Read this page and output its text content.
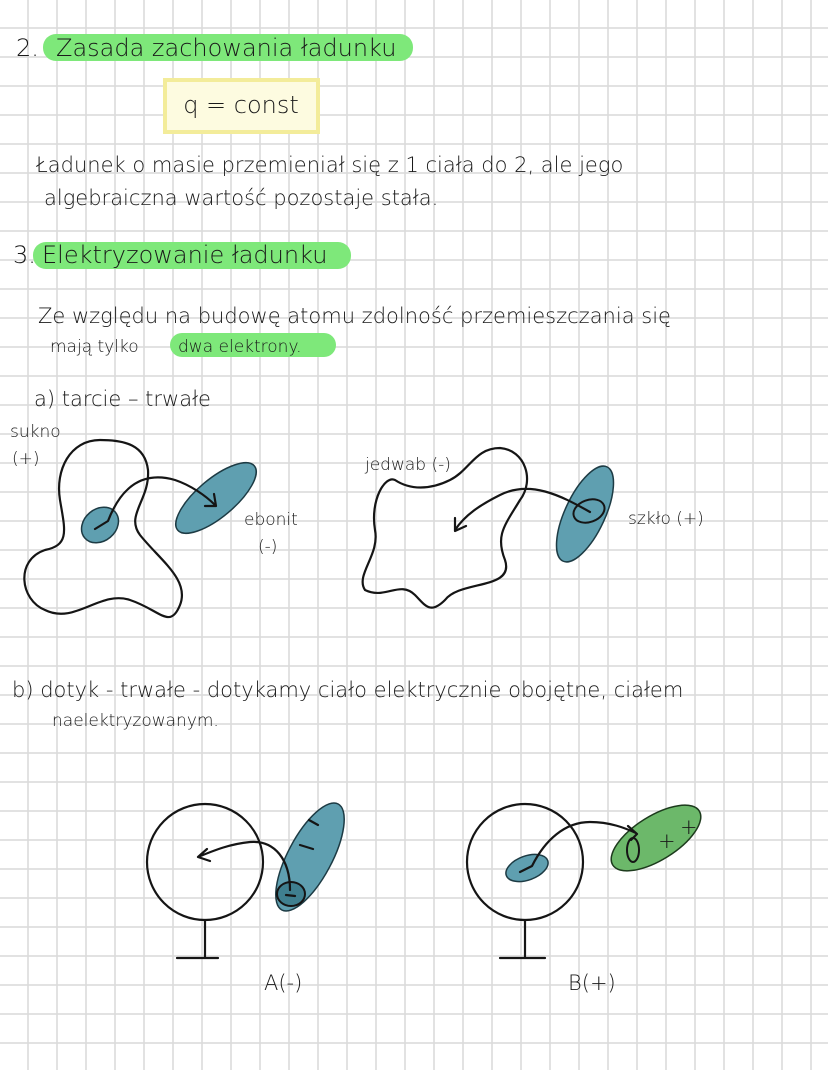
2. Zasada zachowania ładunku
q = const
Ładunek o masie przemieniał się z 1 ciała do 2, ale jego
algebraiczna wartość pozostaje stała.
3. Elektryzowanie ładunku
Ze względu na budowę atomu zdolność przemieszczania się
mają tylko dwa elektrony.
a) tarcie – trwałe
sukno
(+)
ebonit
(-)
jedwab (-)
szkło (+)
b) dotyk - trwałe - dotykamy ciało elektrycznie obojętne, ciałem
naelektryzowanym.
A(-)
+
+
B(+)
